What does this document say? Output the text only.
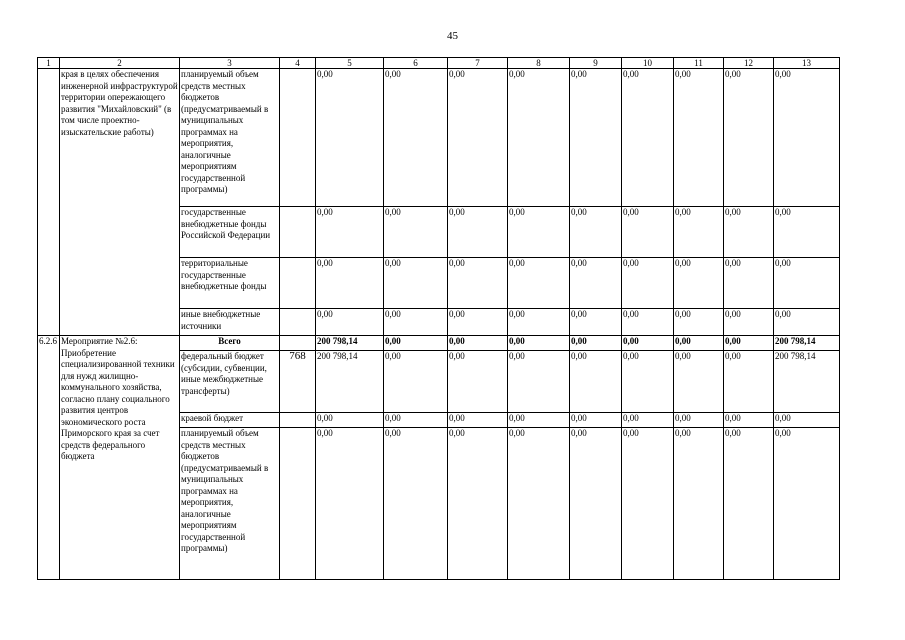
45
1	2	3	4	5	6	7	8	9	10	11	12	13
	края в целях обеспечения инженерной инфраструктурой территории опережающего развития "Михайловский" (в том числе проектно-изыскательские работы)	планируемый объем средств местных бюджетов (предусматриваемый в муниципальных программах на мероприятия, аналогичные мероприятиям государственной программы)		0,00	0,00	0,00	0,00	0,00	0,00	0,00	0,00	0,00
		государственные внебюджетные фонды Российской Федерации		0,00	0,00	0,00	0,00	0,00	0,00	0,00	0,00	0,00
		территориальные государственные внебюджетные фонды		0,00	0,00	0,00	0,00	0,00	0,00	0,00	0,00	0,00
		иные внебюджетные источники		0,00	0,00	0,00	0,00	0,00	0,00	0,00	0,00	0,00
6.2.6	Мероприятие №2.6: Приобретение специализированной техники для нужд жилищно-коммунального хозяйства, согласно плану социального развития центров экономического роста Приморского края за счет средств федерального бюджета	Всего		200 798,14	0,00	0,00	0,00	0,00	0,00	0,00	0,00	200 798,14
		федеральный бюджет (субсидии, субвенции, иные межбюджетные трансферты)	768	200 798,14	0,00	0,00	0,00	0,00	0,00	0,00	0,00	200 798,14
		краевой бюджет		0,00	0,00	0,00	0,00	0,00	0,00	0,00	0,00	0,00
		планируемый объем средств местных бюджетов (предусматриваемый в муниципальных программах на мероприятия, аналогичные мероприятиям государственной программы)		0,00	0,00	0,00	0,00	0,00	0,00	0,00	0,00	0,00
